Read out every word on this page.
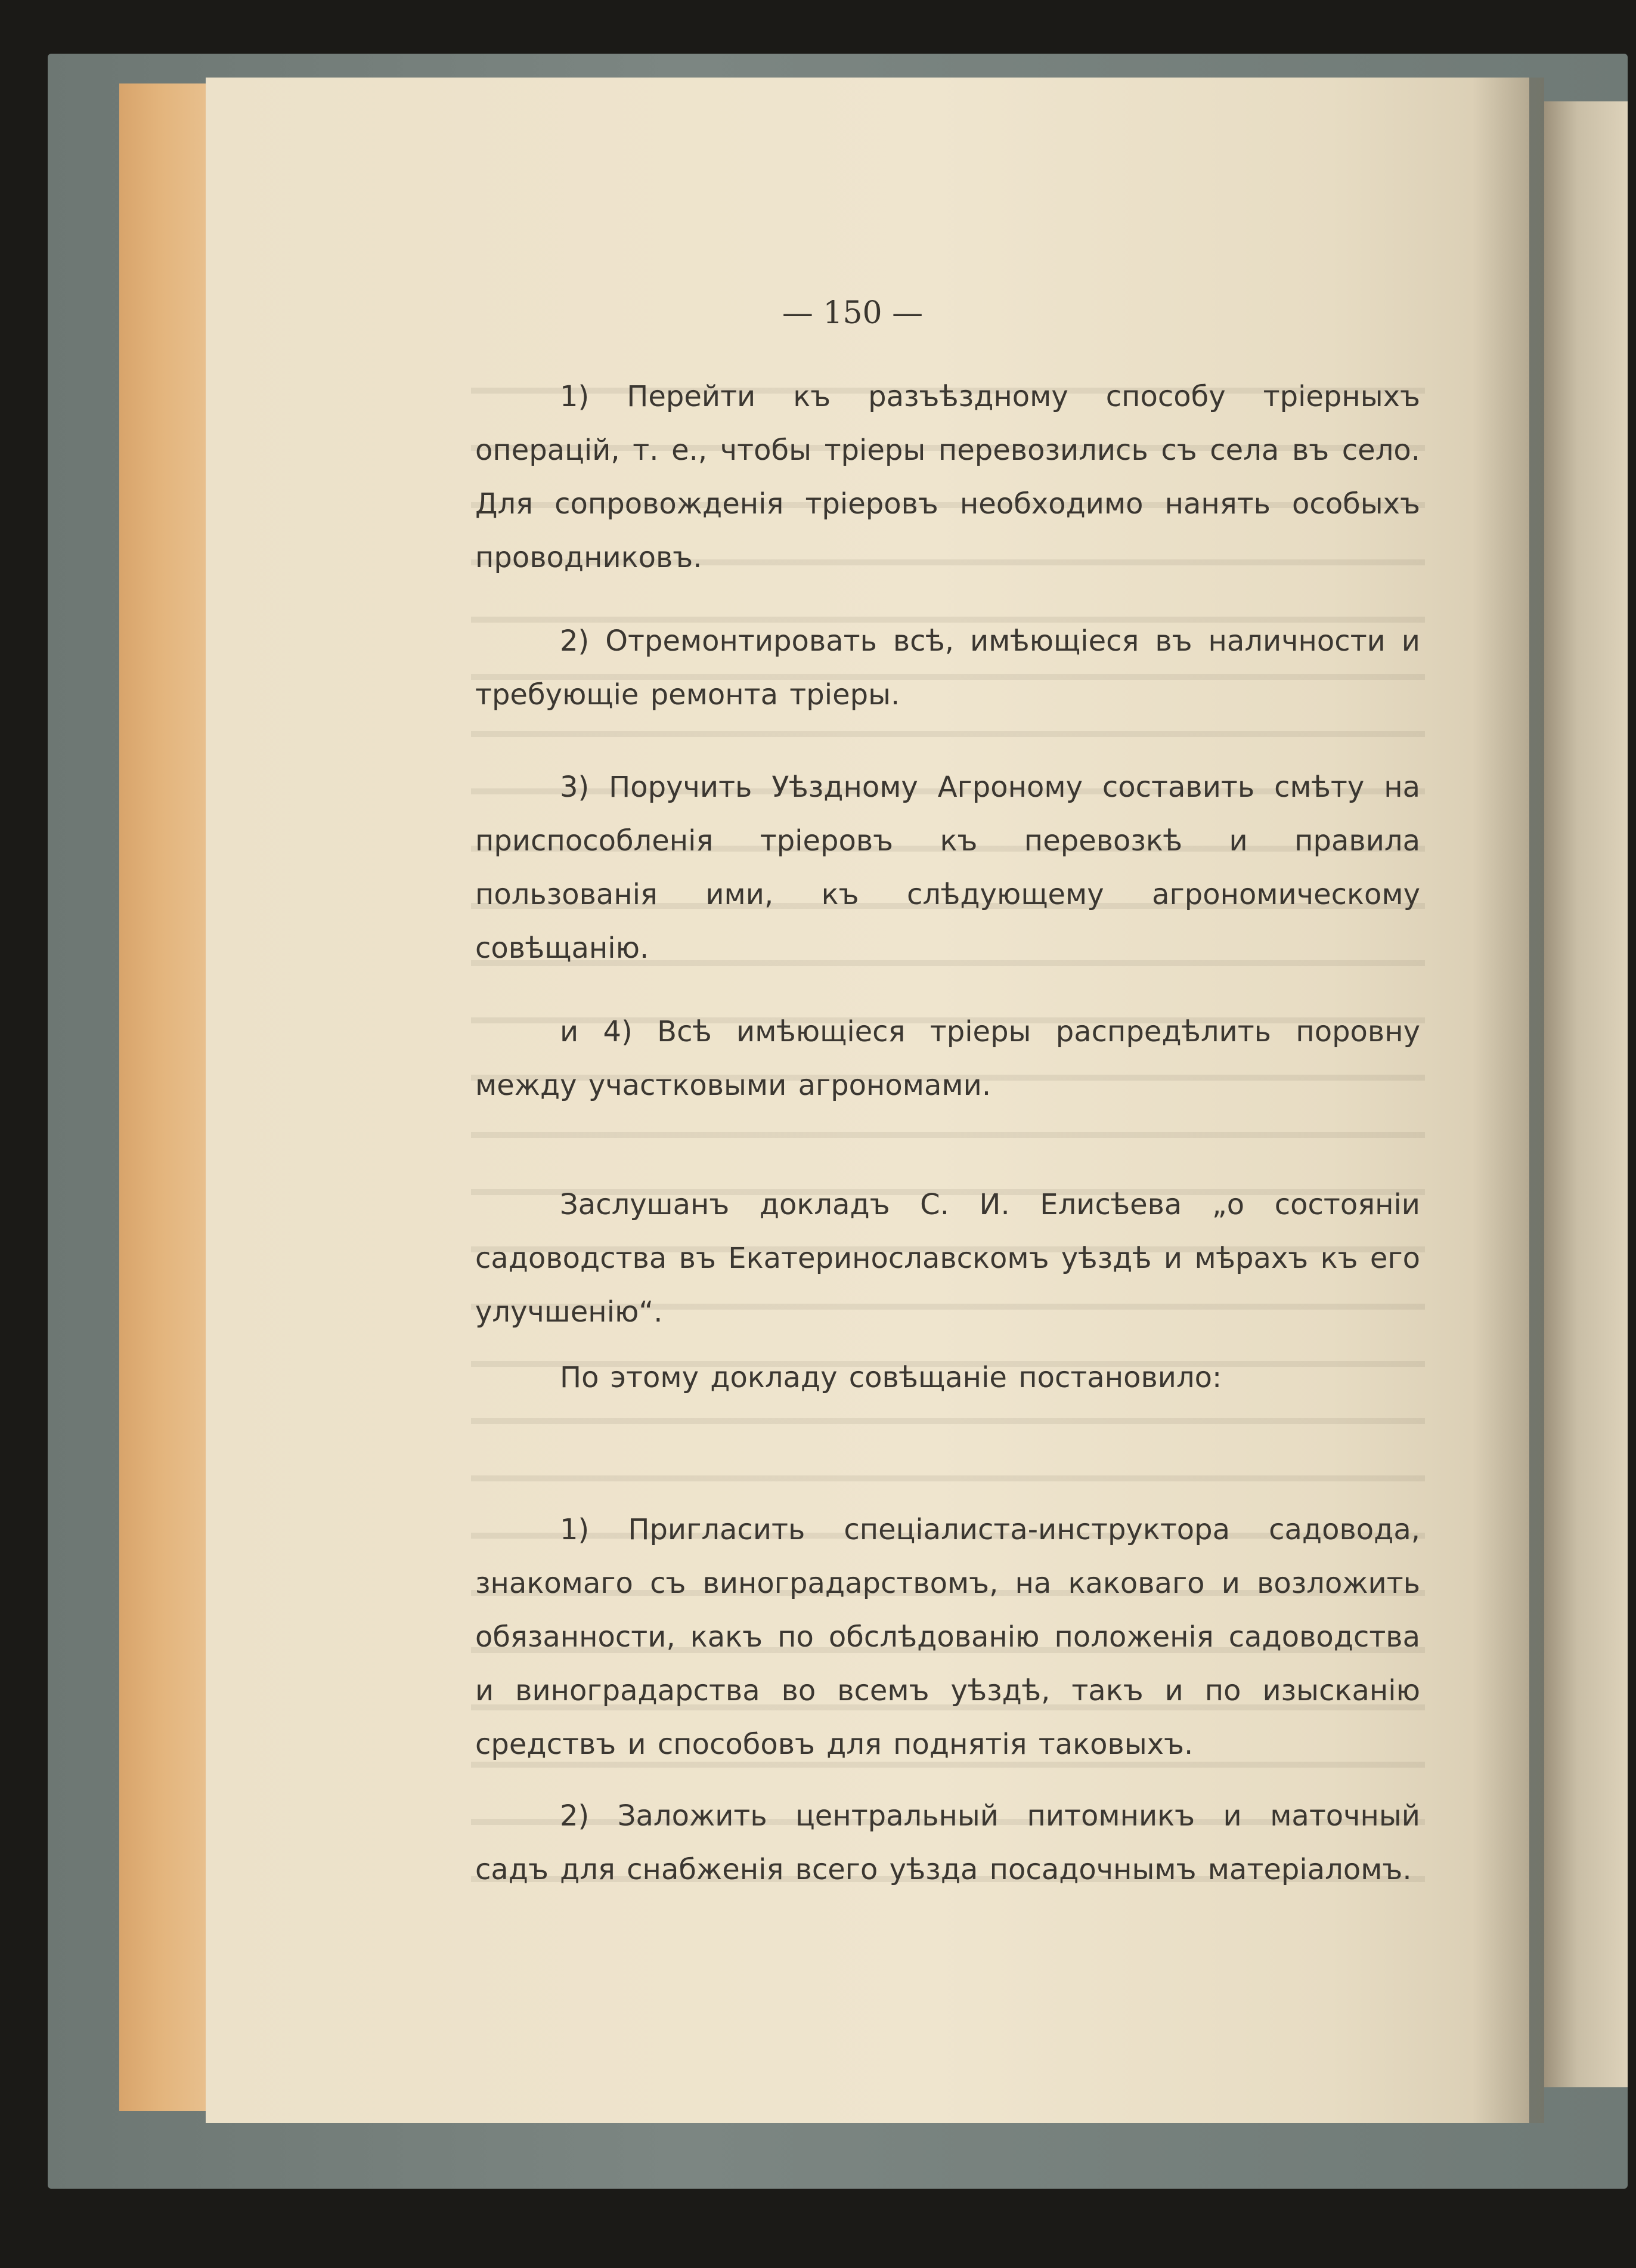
— 150 —

1) Перейти къ разъѣздному способу тріерныхъ операцій, т. е., чтобы тріеры перевозились съ села въ село. Для сопровожденія тріеровъ необходимо нанять особыхъ проводниковъ.

2) Отремонтировать всѣ, имѣющіеся въ наличности и требующіе ремонта тріеры.

3) Поручить Уѣздному Агроному составить смѣту на приспособленія тріеровъ къ перевозкѣ и правила пользованія ими, къ слѣдующему агрономическому совѣщанію.

и 4) Всѣ имѣющіеся тріеры распредѣлить поровну между участковыми агрономами.

Заслушанъ докладъ С. И. Елисѣева „о состояніи садоводства въ Екатеринославскомъ уѣздѣ и мѣрахъ къ его улучшенію“.

По этому докладу совѣщаніе постановило:

1) Пригласить спеціалиста-инструктора садовода, знакомаго съ виноградарствомъ, на каковаго и возложить обязанности, какъ по обслѣдованію положенія садоводства и виноградарства во всемъ уѣздѣ, такъ и по изысканію средствъ и способовъ для поднятія таковыхъ.

2) Заложить центральный питомникъ и маточный садъ для снабженія всего уѣзда посадочнымъ матеріаломъ.
